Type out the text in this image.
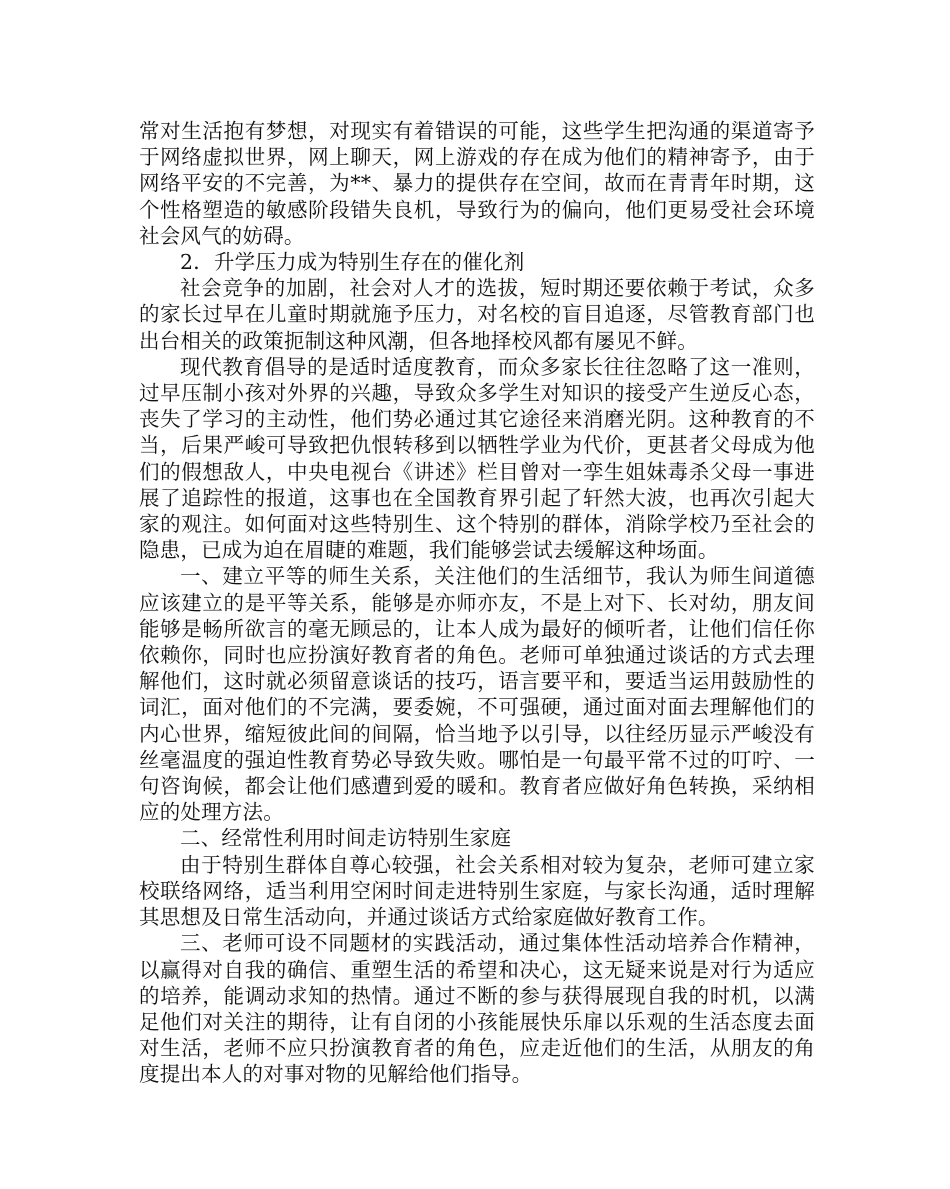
常对生活抱有梦想，对现实有着错误的可能，这些学生把沟通的渠道寄予于网络虚拟世界，网上聊天，网上游戏的存在成为他们的精神寄予，由于网络平安的不完善，为**、暴力的提供存在空间，故而在青青年时期，这个性格塑造的敏感阶段错失良机，导致行为的偏向，他们更易受社会环境社会风气的妨碍。

2．升学压力成为特别生存在的催化剂

社会竞争的加剧，社会对人才的选拔，短时期还要依赖于考试，众多的家长过早在儿童时期就施予压力，对名校的盲目追逐，尽管教育部门也出台相关的政策扼制这种风潮，但各地择校风都有屡见不鲜。

现代教育倡导的是适时适度教育，而众多家长往往忽略了这一准则，过早压制小孩对外界的兴趣，导致众多学生对知识的接受产生逆反心态，丧失了学习的主动性，他们势必通过其它途径来消磨光阴。这种教育的不当，后果严峻可导致把仇恨转移到以牺牲学业为代价，更甚者父母成为他们的假想敌人，中央电视台《讲述》栏目曾对一孪生姐妹毒杀父母一事进展了追踪性的报道，这事也在全国教育界引起了轩然大波，也再次引起大家的观注。如何面对这些特别生、这个特别的群体，消除学校乃至社会的隐患，已成为迫在眉睫的难题，我们能够尝试去缓解这种场面。

一、建立平等的师生关系，关注他们的生活细节，我认为师生间道德应该建立的是平等关系，能够是亦师亦友，不是上对下、长对幼，朋友间能够是畅所欲言的毫无顾忌的，让本人成为最好的倾听者，让他们信任你依赖你，同时也应扮演好教育者的角色。老师可单独通过谈话的方式去理解他们，这时就必须留意谈话的技巧，语言要平和，要适当运用鼓励性的词汇，面对他们的不完满，要委婉，不可强硬，通过面对面去理解他们的内心世界，缩短彼此间的间隔，恰当地予以引导，以往经历显示严峻没有丝毫温度的强迫性教育势必导致失败。哪怕是一句最平常不过的叮咛、一句咨询候，都会让他们感遭到爱的暖和。教育者应做好角色转换，采纳相应的处理方法。

二、经常性利用时间走访特别生家庭

由于特别生群体自尊心较强，社会关系相对较为复杂，老师可建立家校联络网络，适当利用空闲时间走进特别生家庭，与家长沟通，适时理解其思想及日常生活动向，并通过谈话方式给家庭做好教育工作。

三、老师可设不同题材的实践活动，通过集体性活动培养合作精神，以赢得对自我的确信、重塑生活的希望和决心，这无疑来说是对行为适应的培养，能调动求知的热情。通过不断的参与获得展现自我的时机，以满足他们对关注的期待，让有自闭的小孩能展快乐扉以乐观的生活态度去面对生活，老师不应只扮演教育者的角色，应走近他们的生活，从朋友的角度提出本人的对事对物的见解给他们指导。
